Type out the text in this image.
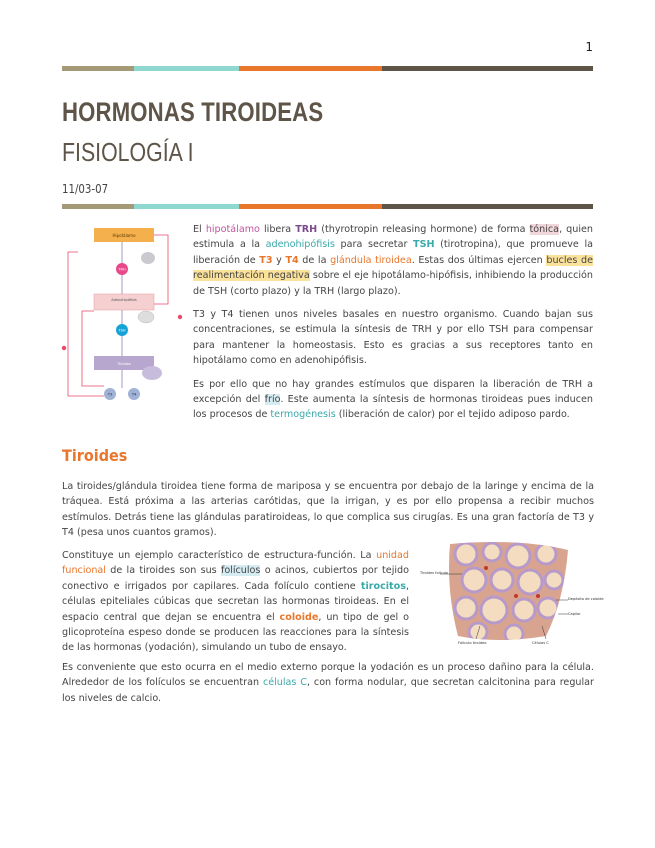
1
HORMONAS TIROIDEAS
FISIOLOGÍA I
11/03-07
Hipotálamo
TRH
Adenohipófisis
TSH
Tiroides
T3	T4

El hipotálamo libera TRH (thyrotropin releasing hormone) de forma tónica, quien estimula a la adenohipófisis para secretar TSH (tirotropina), que promueve la liberación de T3 y T4 de la glándula tiroidea. Estas dos últimas ejercen bucles de realimentación negativa sobre el eje hipotálamo-hipófisis, inhibiendo la producción de TSH (corto plazo) y la TRH (largo plazo).

T3 y T4 tienen unos niveles basales en nuestro organismo. Cuando bajan sus concentraciones, se estimula la síntesis de TRH y por ello TSH para compensar para mantener la homeostasis. Esto es gracias a sus receptores tanto en hipotálamo como en adenohipófisis.

Es por ello que no hay grandes estímulos que disparen la liberación de TRH a excepción del frío. Este aumenta la síntesis de hormonas tiroideas pues inducen los procesos de termogénesis (liberación de calor) por el tejido adiposo pardo.

Tiroides

La tiroides/glándula tiroidea tiene forma de mariposa y se encuentra por debajo de la laringe y encima de la tráquea. Está próxima a las arterias carótidas, que la irrigan, y es por ello propensa a recibir muchos estímulos. Detrás tiene las glándulas paratiroideas, lo que complica sus cirugías. Es una gran factoría de T3 y T4 (pesa unos cuantos gramos).

Constituye un ejemplo característico de estructura-función. La unidad funcional de la tiroides son sus folículos o acinos, cubiertos por tejido conectivo e irrigados por capilares. Cada folículo contiene tirocitos, células epiteliales cúbicas que secretan las hormonas tiroideas. En el espacio central que dejan se encuentra el coloide, un tipo de gel o glicoproteína espeso donde se producen las reacciones para la síntesis de las hormonas (yodación), simulando un tubo de ensayo.

Tiroides folículo
Depósito de coloide
Capilar
Células C
Folículo tiroideo

Es conveniente que esto ocurra en el medio externo porque la yodación es un proceso dañino para la célula. Alrededor de los folículos se encuentran células C, con forma nodular, que secretan calcitonina para regular los niveles de calcio.
